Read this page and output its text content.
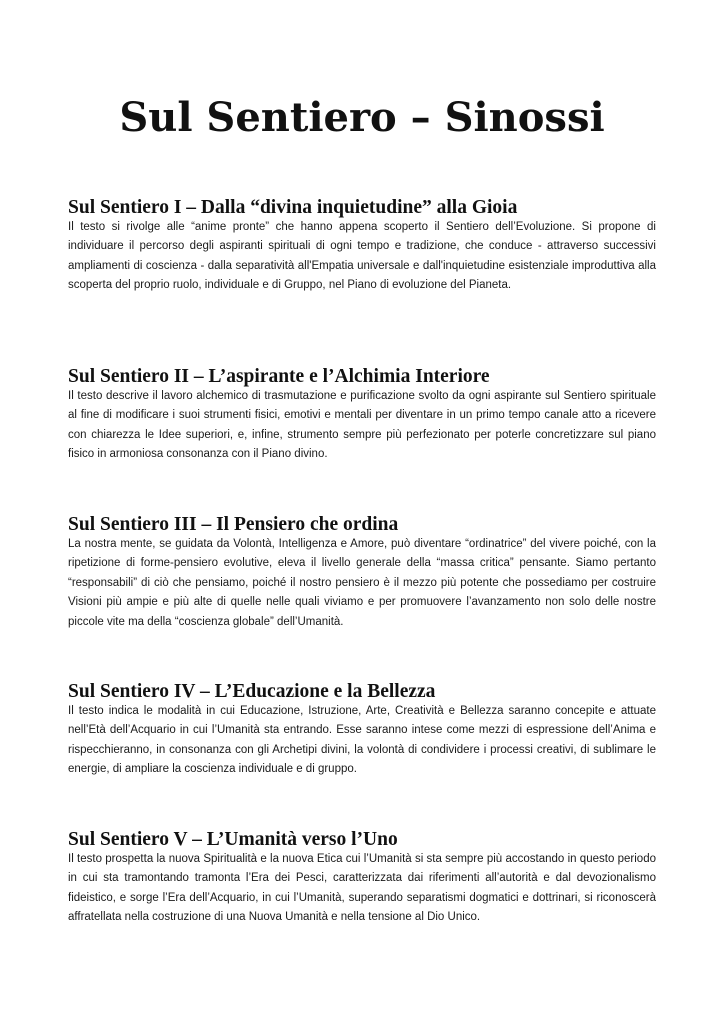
Sul Sentiero – Sinossi
Sul Sentiero I – Dalla “divina inquietudine” alla Gioia

Il testo si rivolge alle “anime pronte” che hanno appena scoperto il Sentiero dell’Evoluzione. Si propone di individuare il percorso degli aspiranti spirituali di ogni tempo e tradizione, che conduce - attraverso successivi ampliamenti di coscienza - dalla separatività all'Empatia universale e dall'inquietudine esistenziale improduttiva alla scoperta del proprio ruolo, individuale e di Gruppo, nel Piano di evoluzione del Pianeta.

Sul Sentiero II – L’aspirante e l’Alchimia Interiore

Il testo descrive il lavoro alchemico di trasmutazione e purificazione svolto da ogni aspirante sul Sentiero spirituale al fine di modificare i suoi strumenti fisici, emotivi e mentali per diventare in un primo tempo canale atto a ricevere con chiarezza le Idee superiori, e, infine, strumento sempre più perfezionato per poterle concretizzare sul piano fisico in armoniosa consonanza con il Piano divino.

Sul Sentiero III – Il Pensiero che ordina

La nostra mente, se guidata da Volontà, Intelligenza e Amore, può diventare “ordinatrice” del vivere poiché, con la ripetizione di forme-pensiero evolutive, eleva il livello generale della “massa critica” pensante. Siamo pertanto “responsabili” di ciò che pensiamo, poiché il nostro pensiero è il mezzo più potente che possediamo per costruire Visioni più ampie e più alte di quelle nelle quali viviamo e per promuovere l’avanzamento non solo delle nostre piccole vite ma della “coscienza globale” dell’Umanità.

Sul Sentiero IV – L’Educazione e la Bellezza

Il testo indica le modalità in cui Educazione, Istruzione, Arte, Creatività e Bellezza saranno concepite e attuate nell’Età dell’Acquario in cui l’Umanità sta entrando. Esse saranno intese come mezzi di espressione dell’Anima e rispecchieranno, in consonanza con gli Archetipi divini, la volontà di condividere i processi creativi, di sublimare le energie, di ampliare la coscienza individuale e di gruppo.

Sul Sentiero V – L’Umanità verso l’Uno

Il testo prospetta la nuova Spiritualità e la nuova Etica cui l’Umanità si sta sempre più accostando in questo periodo in cui sta tramontando tramonta l’Era dei Pesci, caratterizzata dai riferimenti all’autorità e dal devozionalismo fideistico, e sorge l’Era dell’Acquario, in cui l’Umanità, superando separatismi dogmatici e dottrinari, si riconoscerà affratellata nella costruzione di una Nuova Umanità e nella tensione al Dio Unico.
